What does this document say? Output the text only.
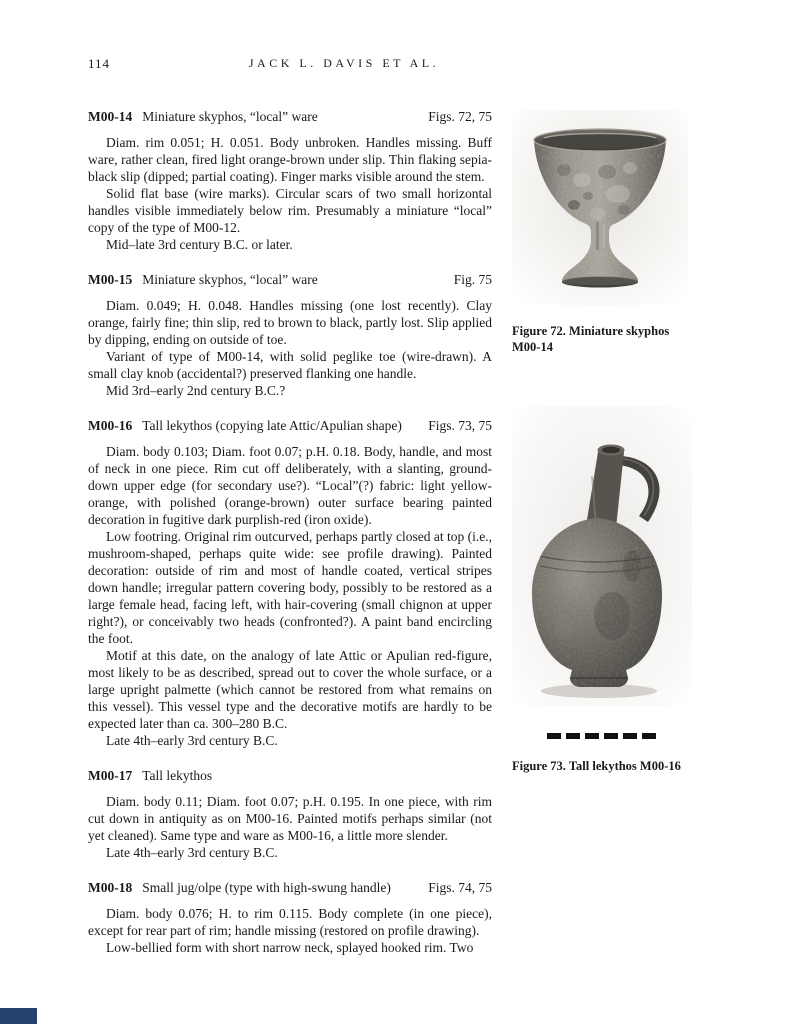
114	JACK L. DAVIS ET AL.
M00-14 Miniature skyphos, “local” ware	Figs. 72, 75

Diam. rim 0.051; H. 0.051. Body unbroken. Handles missing. Buff ware, rather clean, fired light orange-brown under slip. Thin flaking sepia-black slip (dipped; partial coating). Finger marks visible around the stem.

Solid flat base (wire marks). Circular scars of two small horizontal handles visible immediately below rim. Presumably a miniature “local” copy of the type of M00-12.

Mid–late 3rd century B.C. or later.

M00-15 Miniature skyphos, “local” ware	Fig. 75

Diam. 0.049; H. 0.048. Handles missing (one lost recently). Clay orange, fairly fine; thin slip, red to brown to black, partly lost. Slip applied by dipping, ending on outside of toe.

Variant of type of M00-14, with solid peglike toe (wire-drawn). A small clay knob (accidental?) preserved flanking one handle.

Mid 3rd–early 2nd century B.C.?

M00-16 Tall lekythos (copying late Attic/Apulian shape)	Figs. 73, 75

Diam. body 0.103; Diam. foot 0.07; p.H. 0.18. Body, handle, and most of neck in one piece. Rim cut off deliberately, with a slanting, ground-down upper edge (for secondary use?). “Local”(?) fabric: light yellow-orange, with polished (orange-brown) outer surface bearing painted decoration in fugitive dark purplish-red (iron oxide).

Low footring. Original rim outcurved, perhaps partly closed at top (i.e., mushroom-shaped, perhaps quite wide: see profile drawing). Painted decoration: outside of rim and most of handle coated, vertical stripes down handle; irregular pattern covering body, possibly to be restored as a large female head, facing left, with hair-covering (small chignon at upper right?), or conceivably two heads (confronted?). A paint band encircling the foot.

Motif at this date, on the analogy of late Attic or Apulian red-figure, most likely to be as described, spread out to cover the whole surface, or a large upright palmette (which cannot be restored from what remains on this vessel). This vessel type and the decorative motifs are hardly to be expected later than ca. 300–280 B.C.

Late 4th–early 3rd century B.C.

M00-17 Tall lekythos

Diam. body 0.11; Diam. foot 0.07; p.H. 0.195. In one piece, with rim cut down in antiquity as on M00-16. Painted motifs perhaps similar (not yet cleaned). Same type and ware as M00-16, a little more slender.

Late 4th–early 3rd century B.C.

M00-18 Small jug/olpe (type with high-swung handle)	Figs. 74, 75

Diam. body 0.076; H. to rim 0.115. Body complete (in one piece), except for rear part of rim; handle missing (restored on profile drawing).

Low-bellied form with short narrow neck, splayed hooked rim. Two

Figure 72. Miniature skyphos M00-14
Figure 73. Tall lekythos M00-16
